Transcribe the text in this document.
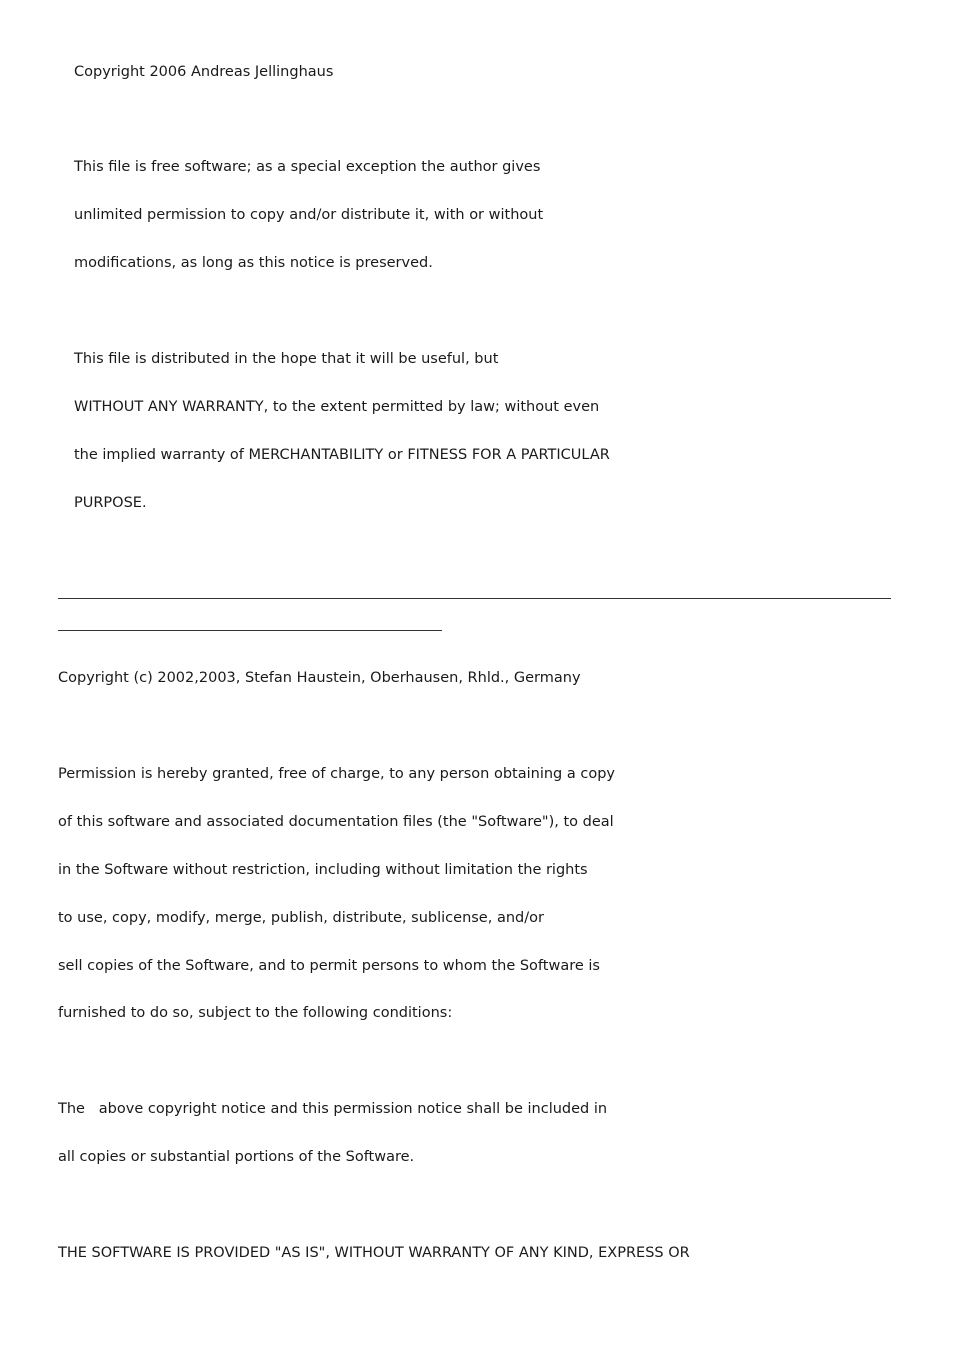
Copyright 2006 Andreas Jellinghaus

This file is free software; as a special exception the author gives

unlimited permission to copy and/or distribute it, with or without

modifications, as long as this notice is preserved.

This file is distributed in the hope that it will be useful, but

WITHOUT ANY WARRANTY, to the extent permitted by law; without even

the implied warranty of MERCHANTABILITY or FITNESS FOR A PARTICULAR

PURPOSE.

Copyright (c) 2002,2003, Stefan Haustein, Oberhausen, Rhld., Germany

Permission is hereby granted, free of charge, to any person obtaining a copy

of this software and associated documentation files (the "Software"), to deal

in the Software without restriction, including without limitation the rights

to use, copy, modify, merge, publish, distribute, sublicense, and/or

sell copies of the Software, and to permit persons to whom the Software is

furnished to do so, subject to the following conditions:

The   above copyright notice and this permission notice shall be included in

all copies or substantial portions of the Software.

THE SOFTWARE IS PROVIDED "AS IS", WITHOUT WARRANTY OF ANY KIND, EXPRESS OR
